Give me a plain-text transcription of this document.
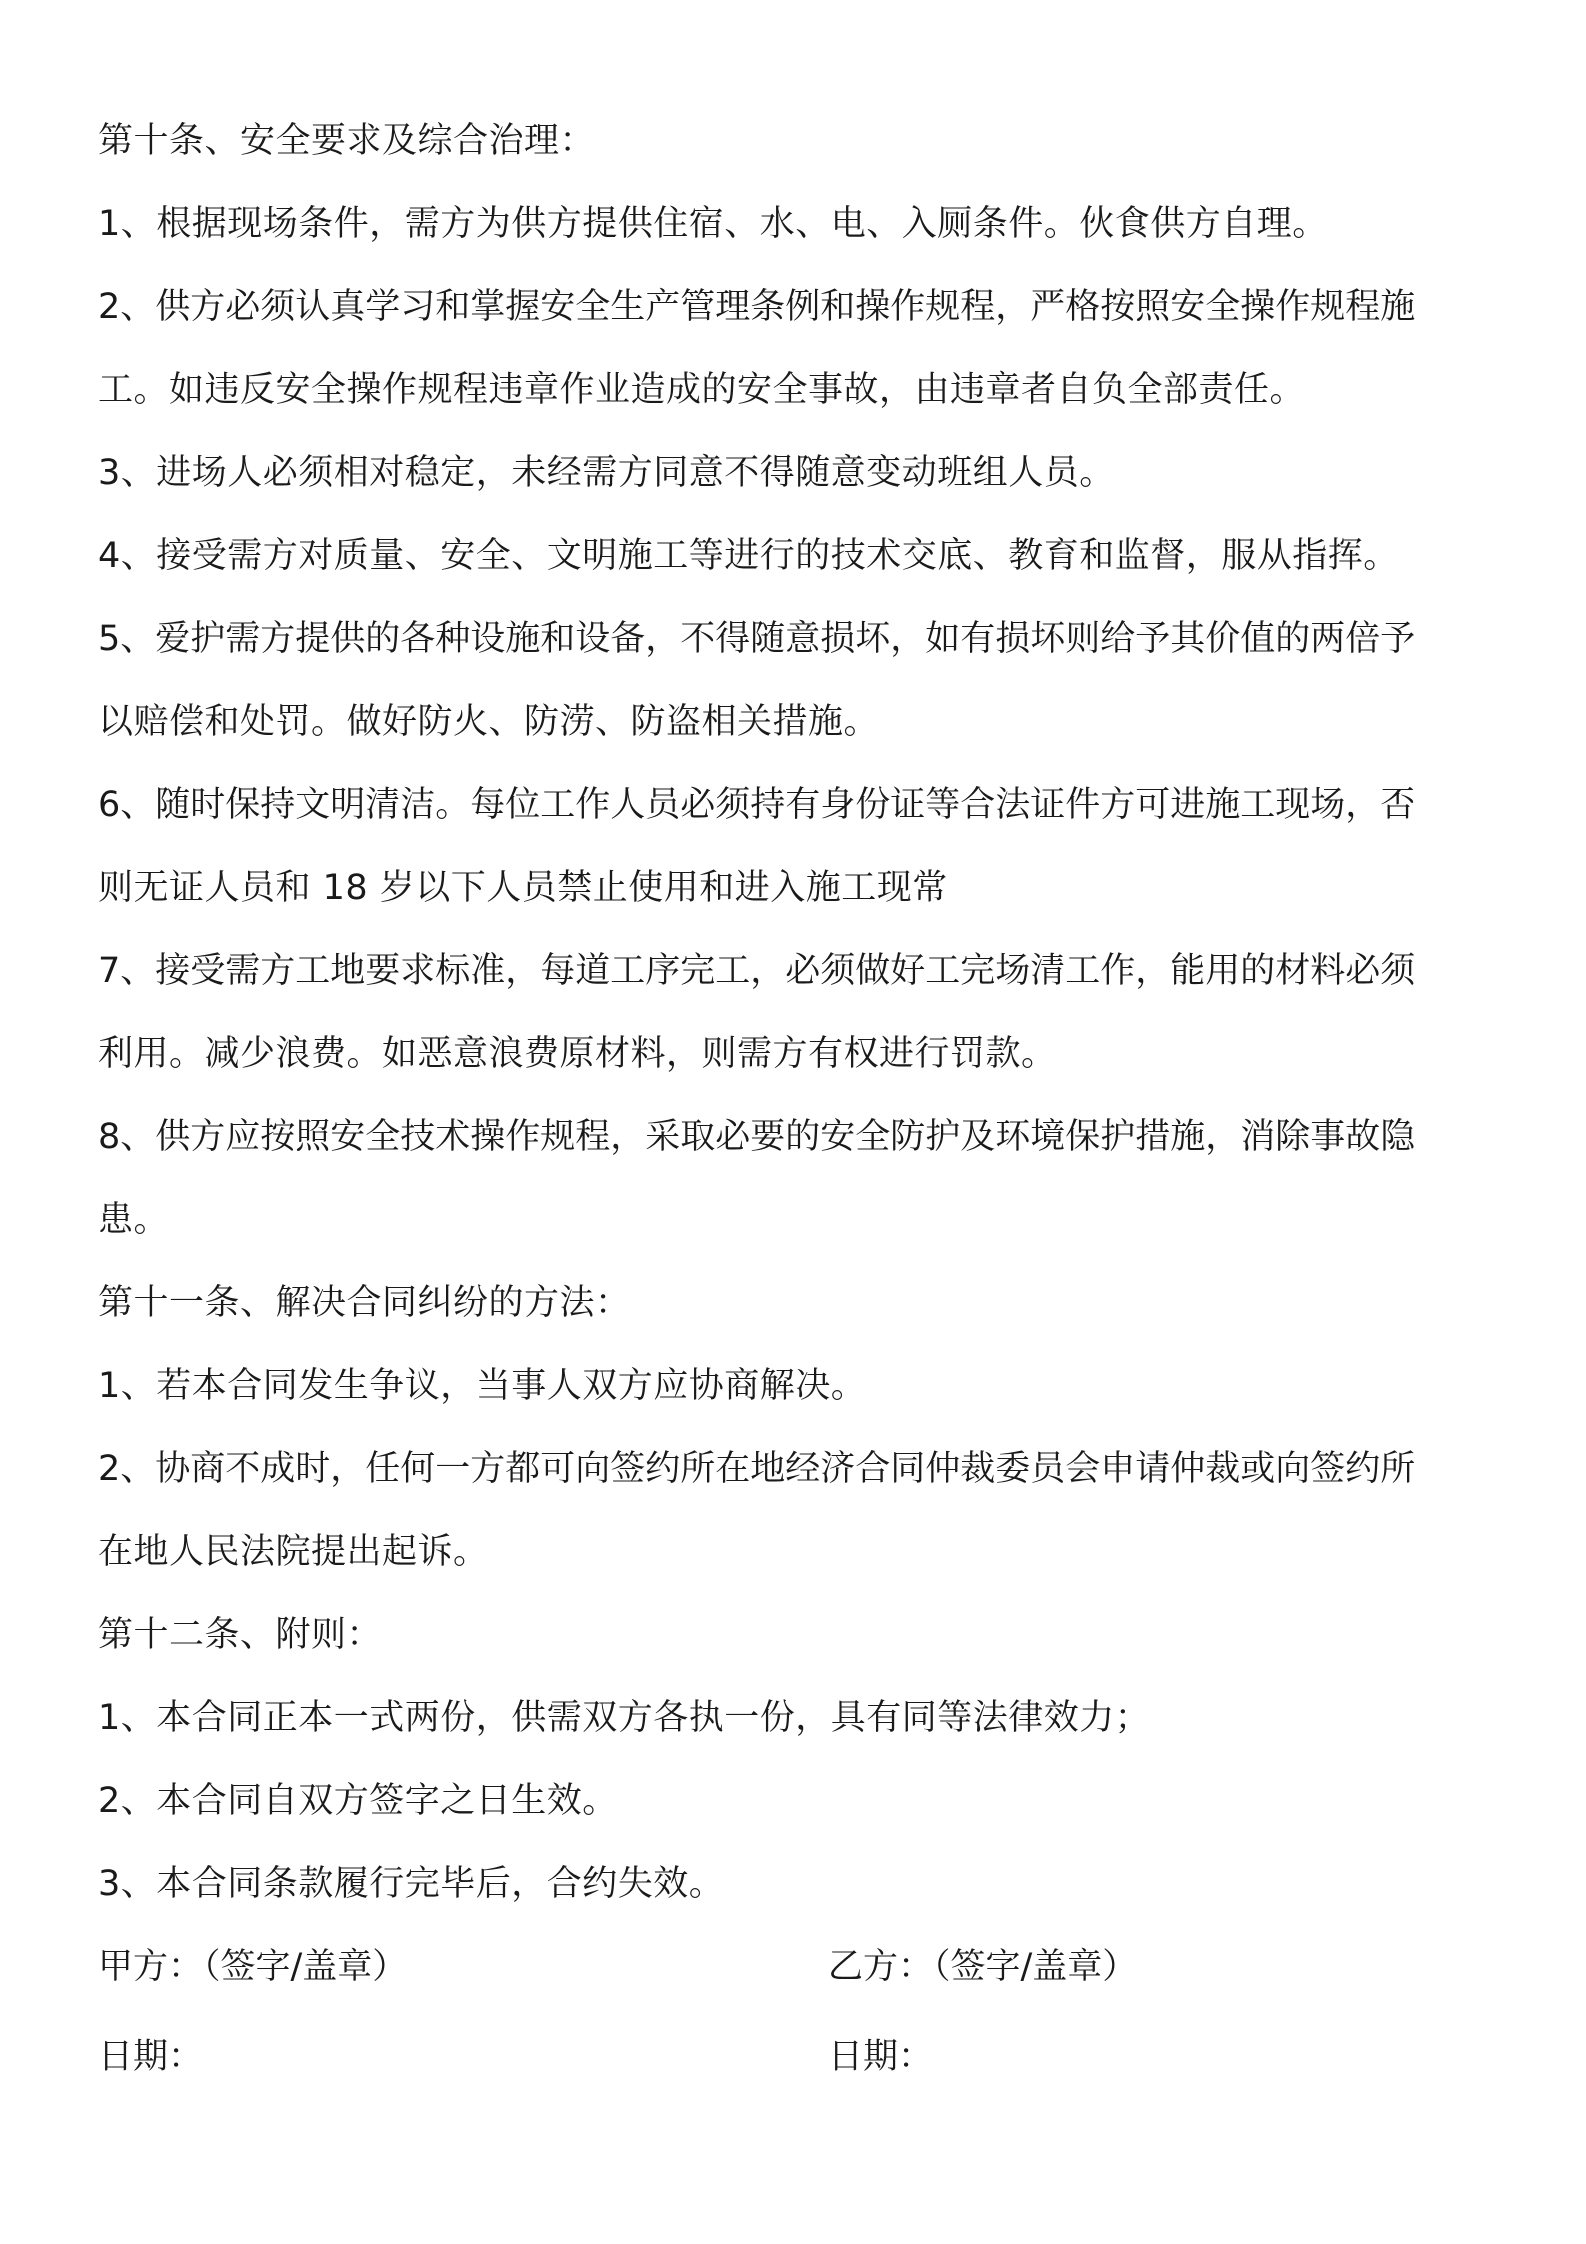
第十条、安全要求及综合治理：
1、根据现场条件，需方为供方提供住宿、水、电、入厕条件。伙食供方自理。
2、供方必须认真学习和掌握安全生产管理条例和操作规程，严格按照安全操作规程施
工。如违反安全操作规程违章作业造成的安全事故，由违章者自负全部责任。
3、进场人必须相对稳定，未经需方同意不得随意变动班组人员。
4、接受需方对质量、安全、文明施工等进行的技术交底、教育和监督，服从指挥。
5、爱护需方提供的各种设施和设备，不得随意损坏，如有损坏则给予其价值的两倍予
以赔偿和处罚。做好防火、防涝、防盗相关措施。
6、随时保持文明清洁。每位工作人员必须持有身份证等合法证件方可进施工现场，否
则无证人员和 18 岁以下人员禁止使用和进入施工现常
7、接受需方工地要求标准，每道工序完工，必须做好工完场清工作，能用的材料必须
利用。减少浪费。如恶意浪费原材料，则需方有权进行罚款。
8、供方应按照安全技术操作规程，采取必要的安全防护及环境保护措施，消除事故隐
患。
第十一条、解决合同纠纷的方法：
1、若本合同发生争议，当事人双方应协商解决。
2、协商不成时，任何一方都可向签约所在地经济合同仲裁委员会申请仲裁或向签约所
在地人民法院提出起诉。
第十二条、附则：
1、本合同正本一式两份，供需双方各执一份，具有同等法律效力；
2、本合同自双方签字之日生效。
3、本合同条款履行完毕后，合约失效。
甲方：（签字/盖章）	乙方：（签字/盖章）
日期：	日期：
